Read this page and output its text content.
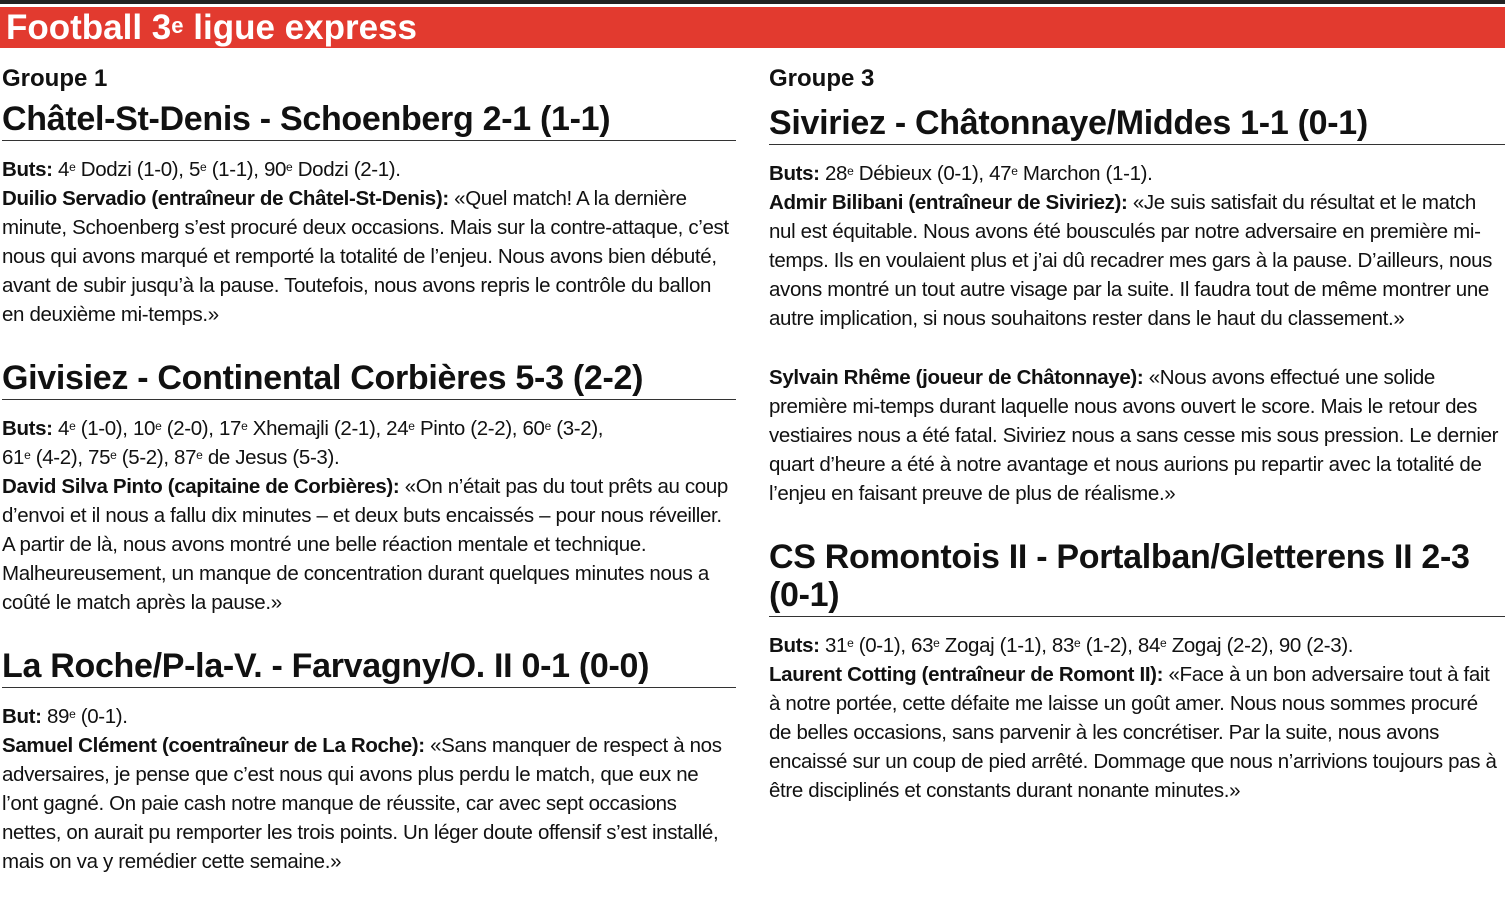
Football 3e ligue express
Groupe 1
Châtel-St-Denis - Schoenberg 2-1 (1-1)

Buts: 4e Dodzi (1-0), 5e (1-1), 90e Dodzi (2-1).

Duilio Servadio (entraîneur de Châtel-St-Denis): «Quel match! A la dernière minute, Schoenberg s’est procuré deux occasions. Mais sur la contre-attaque, c’est nous qui avons marqué et remporté la totalité de l’enjeu. Nous avons bien débuté, avant de subir jusqu’à la pause. Toutefois, nous avons repris le contrôle du ballon en deuxième mi-temps.»

Givisiez - Continental Corbières 5-3 (2-2)

Buts: 4e (1-0), 10e (2-0), 17e Xhemajli (2-1), 24e Pinto (2-2), 60e (3-2),
61e (4-2), 75e (5-2), 87e de Jesus (5-3).

David Silva Pinto (capitaine de Corbières): «On n’était pas du tout prêts au coup d’envoi et il nous a fallu dix minutes – et deux buts encaissés – pour nous réveiller. A partir de là, nous avons montré une belle réaction mentale et technique. Malheureusement, un manque de concentration durant quelques minutes nous a coûté le match après la pause.»

La Roche/P-la-V. - Farvagny/O. II 0-1 (0-0)

But: 89e (0-1).

Samuel Clément (coentraîneur de La Roche): «Sans manquer de respect à nos adversaires, je pense que c’est nous qui avons plus perdu le match, que eux ne l’ont gagné. On paie cash notre manque de réussite, car avec sept occasions nettes, on aurait pu remporter les trois points. Un léger doute offensif s’est installé, mais on va y remédier cette semaine.»

Groupe 3
Siviriez - Châtonnaye/Middes 1-1 (0-1)

Buts: 28e Débieux (0-1), 47e Marchon (1-1).

Admir Bilibani (entraîneur de Siviriez): «Je suis satisfait du résultat et le match nul est équitable. Nous avons été bousculés par notre adversaire en première mi-temps. Ils en voulaient plus et j’ai dû recadrer mes gars à la pause. D’ailleurs, nous avons montré un tout autre visage par la suite. Il faudra tout de même montrer une autre implication, si nous souhaitons rester dans le haut du classement.»

Sylvain Rhême (joueur de Châtonnaye): «Nous avons effectué une solide première mi-temps durant laquelle nous avons ouvert le score. Mais le retour des vestiaires nous a été fatal. Siviriez nous a sans cesse mis sous pression. Le dernier quart d’heure a été à notre avantage et nous aurions pu repartir avec la totalité de l’enjeu en faisant preuve de plus de réalisme.»

CS Romontois II - Portalban/Gletterens II 2-3 (0-1)

Buts: 31e (0-1), 63e Zogaj (1-1), 83e (1-2), 84e Zogaj (2-2), 90 (2-3).

Laurent Cotting (entraîneur de Romont II): «Face à un bon adversaire tout à fait à notre portée, cette défaite me laisse un goût amer. Nous nous sommes procuré de belles occasions, sans parvenir à les concrétiser. Par la suite, nous avons encaissé sur un coup de pied arrêté. Dommage que nous n’arrivions toujours pas à être disciplinés et constants durant nonante minutes.»
